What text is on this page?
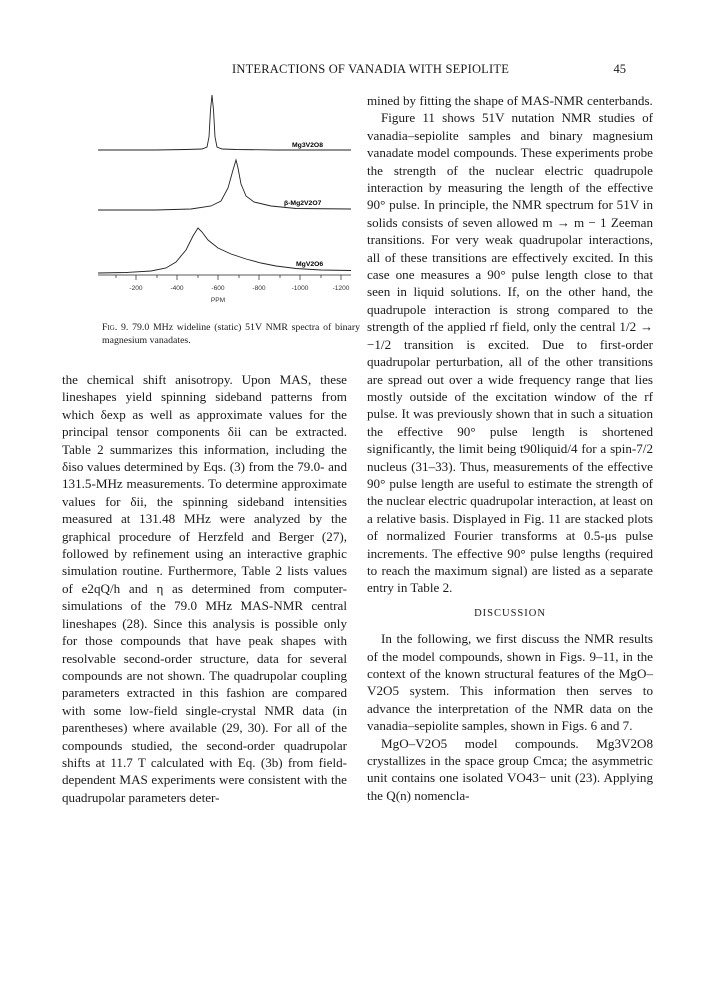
INTERACTIONS OF VANADIA WITH SEPIOLITE	45
Mg3V2O8
β-Mg2V2O7
MgV2O6
-200	-400	-600	-800	-1000	-1200
PPM
Fig. 9. 79.0 MHz wideline (static) 51V NMR spectra of binary magnesium vanadates.

the chemical shift anisotropy. Upon MAS, these lineshapes yield spinning sideband patterns from which δexp as well as approximate values for the principal tensor components δii can be extracted. Table 2 summarizes this information, including the δiso values determined by Eqs. (3) from the 79.0- and 131.5-MHz measurements. To determine approximate values for δii, the spinning sideband intensities measured at 131.48 MHz were analyzed by the graphical procedure of Herzfeld and Berger (27), followed by refinement using an interactive graphic simulation routine. Furthermore, Table 2 lists values of e2qQ/h and η as determined from computer-simulations of the 79.0 MHz MAS-NMR central lineshapes (28). Since this analysis is possible only for those compounds that have peak shapes with resolvable second-order structure, data for several compounds are not shown. The quadrupolar coupling parameters extracted in this fashion are compared with some low-field single-crystal NMR data (in parentheses) where available (29, 30). For all of the compounds studied, the second-order quadrupolar shifts at 11.7 T calculated with Eq. (3b) from field-dependent MAS experiments were consistent with the quadrupolar parameters deter-

mined by fitting the shape of MAS-NMR centerbands.

Figure 11 shows 51V nutation NMR studies of vanadia–sepiolite samples and binary magnesium vanadate model compounds. These experiments probe the strength of the nuclear electric quadrupole interaction by measuring the length of the effective 90° pulse. In principle, the NMR spectrum for 51V in solids consists of seven allowed m → m − 1 Zeeman transitions. For very weak quadrupolar interactions, all of these transitions are effectively excited. In this case one measures a 90° pulse length close to that seen in liquid solutions. If, on the other hand, the quadrupole interaction is strong compared to the strength of the applied rf field, only the central 1/2 → −1/2 transition is excited. Due to first-order quadrupolar perturbation, all of the other transitions are spread out over a wide frequency range that lies mostly outside of the excitation window of the rf pulse. It was previously shown that in such a situation the effective 90° pulse length is shortened significantly, the limit being t90liquid/4 for a spin-7/2 nucleus (31–33). Thus, measurements of the effective 90° pulse length are useful to estimate the strength of the nuclear electric quadrupolar interaction, at least on a relative basis. Displayed in Fig. 11 are stacked plots of normalized Fourier transforms at 0.5-μs pulse increments. The effective 90° pulse lengths (required to reach the maximum signal) are listed as a separate entry in Table 2.

DISCUSSION

In the following, we first discuss the NMR results of the model compounds, shown in Figs. 9–11, in the context of the known structural features of the MgO–V2O5 system. This information then serves to advance the interpretation of the NMR data on the vanadia–sepiolite samples, shown in Figs. 6 and 7.

MgO–V2O5 model compounds. Mg3V2O8 crystallizes in the space group Cmca; the asymmetric unit contains one isolated VO43− unit (23). Applying the Q(n) nomencla-
